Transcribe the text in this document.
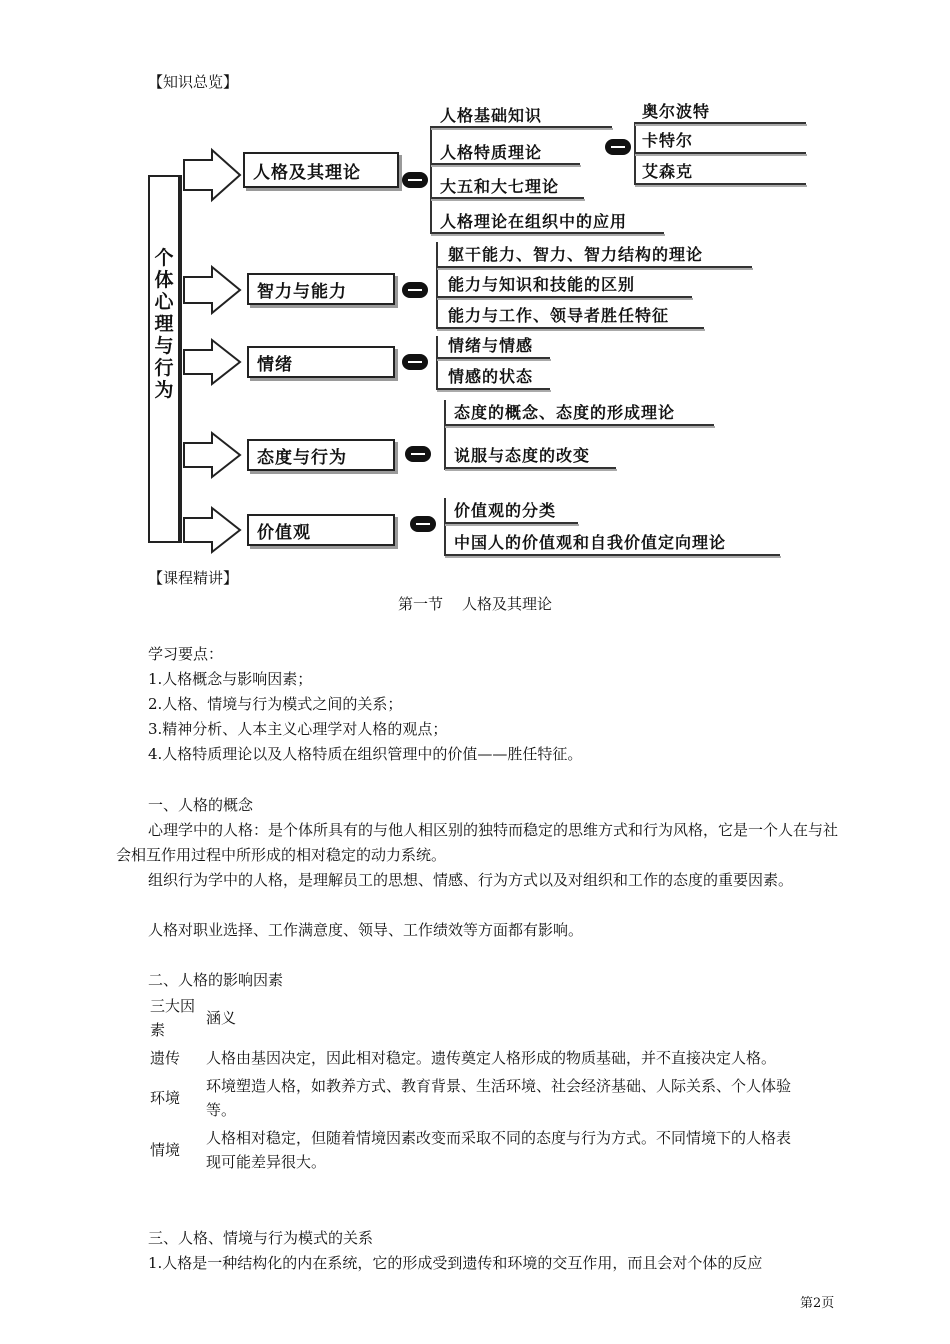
【知识总览】
个
体
心
理
与
行
为
人格及其理论
智力与能力
情绪
态度与行为
价值观
人格基础知识
人格特质理论
大五和大七理论
人格理论在组织中的应用
奥尔波特
卡特尔
艾森克
躯干能力、智力、智力结构的理论
能力与知识和技能的区别
能力与工作、领导者胜任特征
情绪与情感
情感的状态
态度的概念、态度的形成理论
说服与态度的改变
价值观的分类
中国人的价值观和自我价值定向理论
【课程精讲】
第一节    人格及其理论
学习要点：
1.人格概念与影响因素；
2.人格、情境与行为模式之间的关系；
3.精神分析、人本主义心理学对人格的观点；
4.人格特质理论以及人格特质在组织管理中的价值——胜任特征。
一、人格的概念
心理学中的人格：是个体所具有的与他人相区别的独特而稳定的思维方式和行为风格，它是一个人在与社会相互作用过程中所形成的相对稳定的动力系统。
组织行为学中的人格，是理解员工的思想、情感、行为方式以及对组织和工作的态度的重要因素。
人格对职业选择、工作满意度、领导、工作绩效等方面都有影响。
二、人格的影响因素
三大因素	涵义
遗传	人格由基因决定，因此相对稳定。遗传奠定人格形成的物质基础，并不直接决定人格。
环境	环境塑造人格，如教养方式、教育背景、生活环境、社会经济基础、人际关系、个人体验等。
情境	人格相对稳定，但随着情境因素改变而采取不同的态度与行为方式。不同情境下的人格表现可能差异很大。
三、人格、情境与行为模式的关系
1.人格是一种结构化的内在系统，它的形成受到遗传和环境的交互作用，而且会对个体的反应
第2页
